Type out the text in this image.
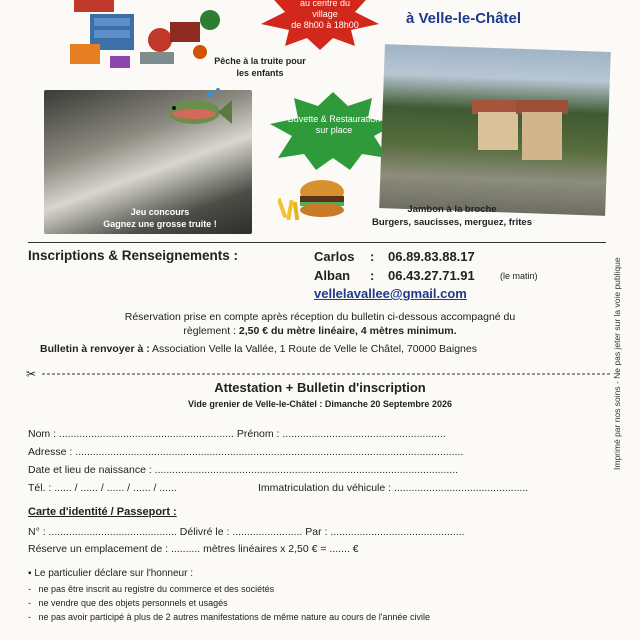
au centre du
village
de 8h00 à 18h00	à Velle-le-Châtel
Pêche à la truite pour les enfants
Jeu concours
Gagnez une grosse truite !
Buvette & Restauration sur place
Jambon à la broche
Burgers, saucisses, merguez, frites
Imprimé par nos soins - Ne pas jeter sur la voie publique
Inscriptions & Renseignements :	Carlos : 06.89.83.88.17
Alban : 06.43.27.71.91	(le matin)
vellelavallee@gmail.com
Réservation prise en compte après réception du bulletin ci-dessous accompagné du
règlement : 2,50 € du mètre linéaire, 4 mètres minimum.
Bulletin à renvoyer à : Association Velle la Vallée, 1 Route de Velle le Châtel, 70000 Baignes
✂
Attestation + Bulletin d'inscription
Vide grenier de Velle-le-Châtel : Dimanche 20 Septembre 2026
Nom : ............................................................ Prénom : ........................................................
Adresse : .....................................................................................................................................
Date et lieu de naissance : ........................................................................................................
Tél. : ...... / ...... / ...... / ...... / ......	Immatriculation du véhicule : ..............................................
Carte d'identité / Passeport :
N° : ............................................ Délivré le : ........................ Par : ..............................................
Réserve un emplacement de : .......... mètres linéaires x 2,50 € = ....... €
▪ Le particulier déclare sur l'honneur :
-   ne pas être inscrit au registre du commerce et des sociétés
-   ne vendre que des objets personnels et usagés
-   ne pas avoir participé à plus de 2 autres manifestations de même nature au cours de l'année civile
